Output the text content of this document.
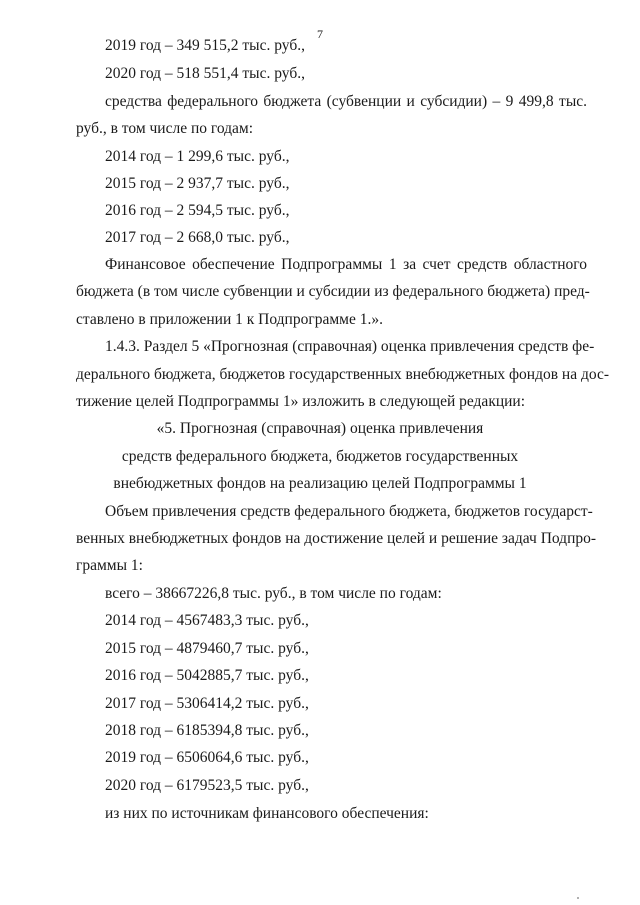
7
2019 год – 349 515,2 тыс. руб.,
2020 год – 518 551,4 тыс. руб.,
средства федерального бюджета (субвенции и субсидии) – 9 499,8 тыс.
руб., в том числе по годам:
2014 год – 1 299,6 тыс. руб.,
2015 год – 2 937,7 тыс. руб.,
2016 год – 2 594,5 тыс. руб.,
2017 год – 2 668,0 тыс. руб.,
Финансовое обеспечение Подпрограммы 1 за счет средств областного
бюджета (в том числе субвенции и субсидии из федерального бюджета) пред-
ставлено в приложении 1 к Подпрограмме 1.».
1.4.3. Раздел 5 «Прогнозная (справочная) оценка привлечения средств фе-
дерального бюджета, бюджетов государственных внебюджетных фондов на дос-
тижение целей Подпрограммы 1» изложить в следующей редакции:
«5. Прогнозная (справочная) оценка привлечения
средств федерального бюджета, бюджетов государственных
внебюджетных фондов на реализацию целей Подпрограммы 1
Объем привлечения средств федерального бюджета, бюджетов государст-
венных внебюджетных фондов на достижение целей и решение задач Подпро-
граммы 1:
всего – 38667226,8 тыс. руб., в том числе по годам:
2014 год – 4567483,3 тыс. руб.,
2015 год – 4879460,7 тыс. руб.,
2016 год – 5042885,7 тыс. руб.,
2017 год – 5306414,2 тыс. руб.,
2018 год – 6185394,8 тыс. руб.,
2019 год – 6506064,6 тыс. руб.,
2020 год – 6179523,5 тыс. руб.,
из них по источникам финансового обеспечения:
